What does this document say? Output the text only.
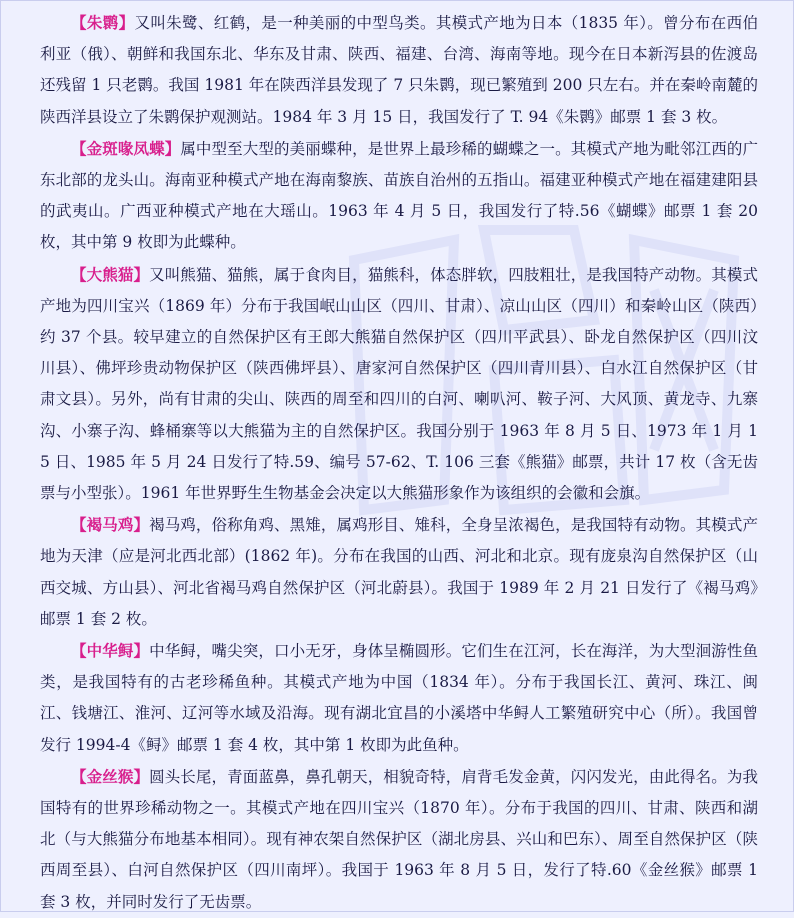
【朱鹮】又叫朱鹭、红鹤，是一种美丽的中型鸟类。其模式产地为日本（1835 年）。曾分布在西伯利亚（俄）、朝鲜和我国东北、华东及甘肃、陕西、福建、台湾、海南等地。现今在日本新泻县的佐渡岛还残留 1 只老鹮。我国 1981 年在陕西洋县发现了 7 只朱鹮，现已繁殖到 200 只左右。并在秦岭南麓的陕西洋县设立了朱鹮保护观测站。1984 年 3 月 15 日，我国发行了 T. 94《朱鹮》邮票 1 套 3 枚。

【金斑喙凤蝶】属中型至大型的美丽蝶种，是世界上最珍稀的蝴蝶之一。其模式产地为毗邻江西的广东北部的龙头山。海南亚种模式产地在海南黎族、苗族自治州的五指山。福建亚种模式产地在福建建阳县的武夷山。广西亚种模式产地在大瑶山。1963 年 4 月 5 日，我国发行了特.56《蝴蝶》邮票 1 套 20 枚，其中第 9 枚即为此蝶种。

【大熊猫】又叫熊猫、猫熊，属于食肉目，猫熊科，体态胖软，四肢粗壮，是我国特产动物。其模式产地为四川宝兴（1869 年）分布于我国岷山山区（四川、甘肃）、凉山山区（四川）和秦岭山区（陕西）约 37 个县。较早建立的自然保护区有王郎大熊猫自然保护区（四川平武县）、卧龙自然保护区（四川汶川县）、佛坪珍贵动物保护区（陕西佛坪县）、唐家河自然保护区（四川青川县）、白水江自然保护区（甘肃文县）。另外，尚有甘肃的尖山、陕西的周至和四川的白河、喇叭河、鞍子河、大风顶、黄龙寺、九寨沟、小寨子沟、蜂桶寨等以大熊猫为主的自然保护区。我国分别于 1963 年 8 月 5 日、1973 年 1 月 15 日、1985 年 5 月 24 日发行了特.59、编号 57-62、T. 106 三套《熊猫》邮票，共计 17 枚（含无齿票与小型张）。1961 年世界野生生物基金会决定以大熊猫形象作为该组织的会徽和会旗。

【褐马鸡】褐马鸡，俗称角鸡、黑雉，属鸡形目、雉科，全身呈浓褐色，是我国特有动物。其模式产地为天津（应是河北西北部）(1862 年)。分布在我国的山西、河北和北京。现有庞泉沟自然保护区（山西交城、方山县）、河北省褐马鸡自然保护区（河北蔚县）。我国于 1989 年 2 月 21 日发行了《褐马鸡》邮票 1 套 2 枚。

【中华鲟】中华鲟，嘴尖突，口小无牙，身体呈椭圆形。它们生在江河，长在海洋，为大型洄游性鱼类，是我国特有的古老珍稀鱼种。其模式产地为中国（1834 年）。分布于我国长江、黄河、珠江、闽江、钱塘江、淮河、辽河等水域及沿海。现有湖北宜昌的小溪塔中华鲟人工繁殖研究中心（所）。我国曾发行 1994-4《鲟》邮票 1 套 4 枚，其中第 1 枚即为此鱼种。

【金丝猴】圆头长尾，青面蓝鼻，鼻孔朝天，相貌奇特，肩背毛发金黄，闪闪发光，由此得名。为我国特有的世界珍稀动物之一。其模式产地在四川宝兴（1870 年）。分布于我国的四川、甘肃、陕西和湖北（与大熊猫分布地基本相同）。现有神农架自然保护区（湖北房县、兴山和巴东）、周至自然保护区（陕西周至县）、白河自然保护区（四川南坪）。我国于 1963 年 8 月 5 日，发行了特.60《金丝猴》邮票 1 套 3 枚，并同时发行了无齿票。
